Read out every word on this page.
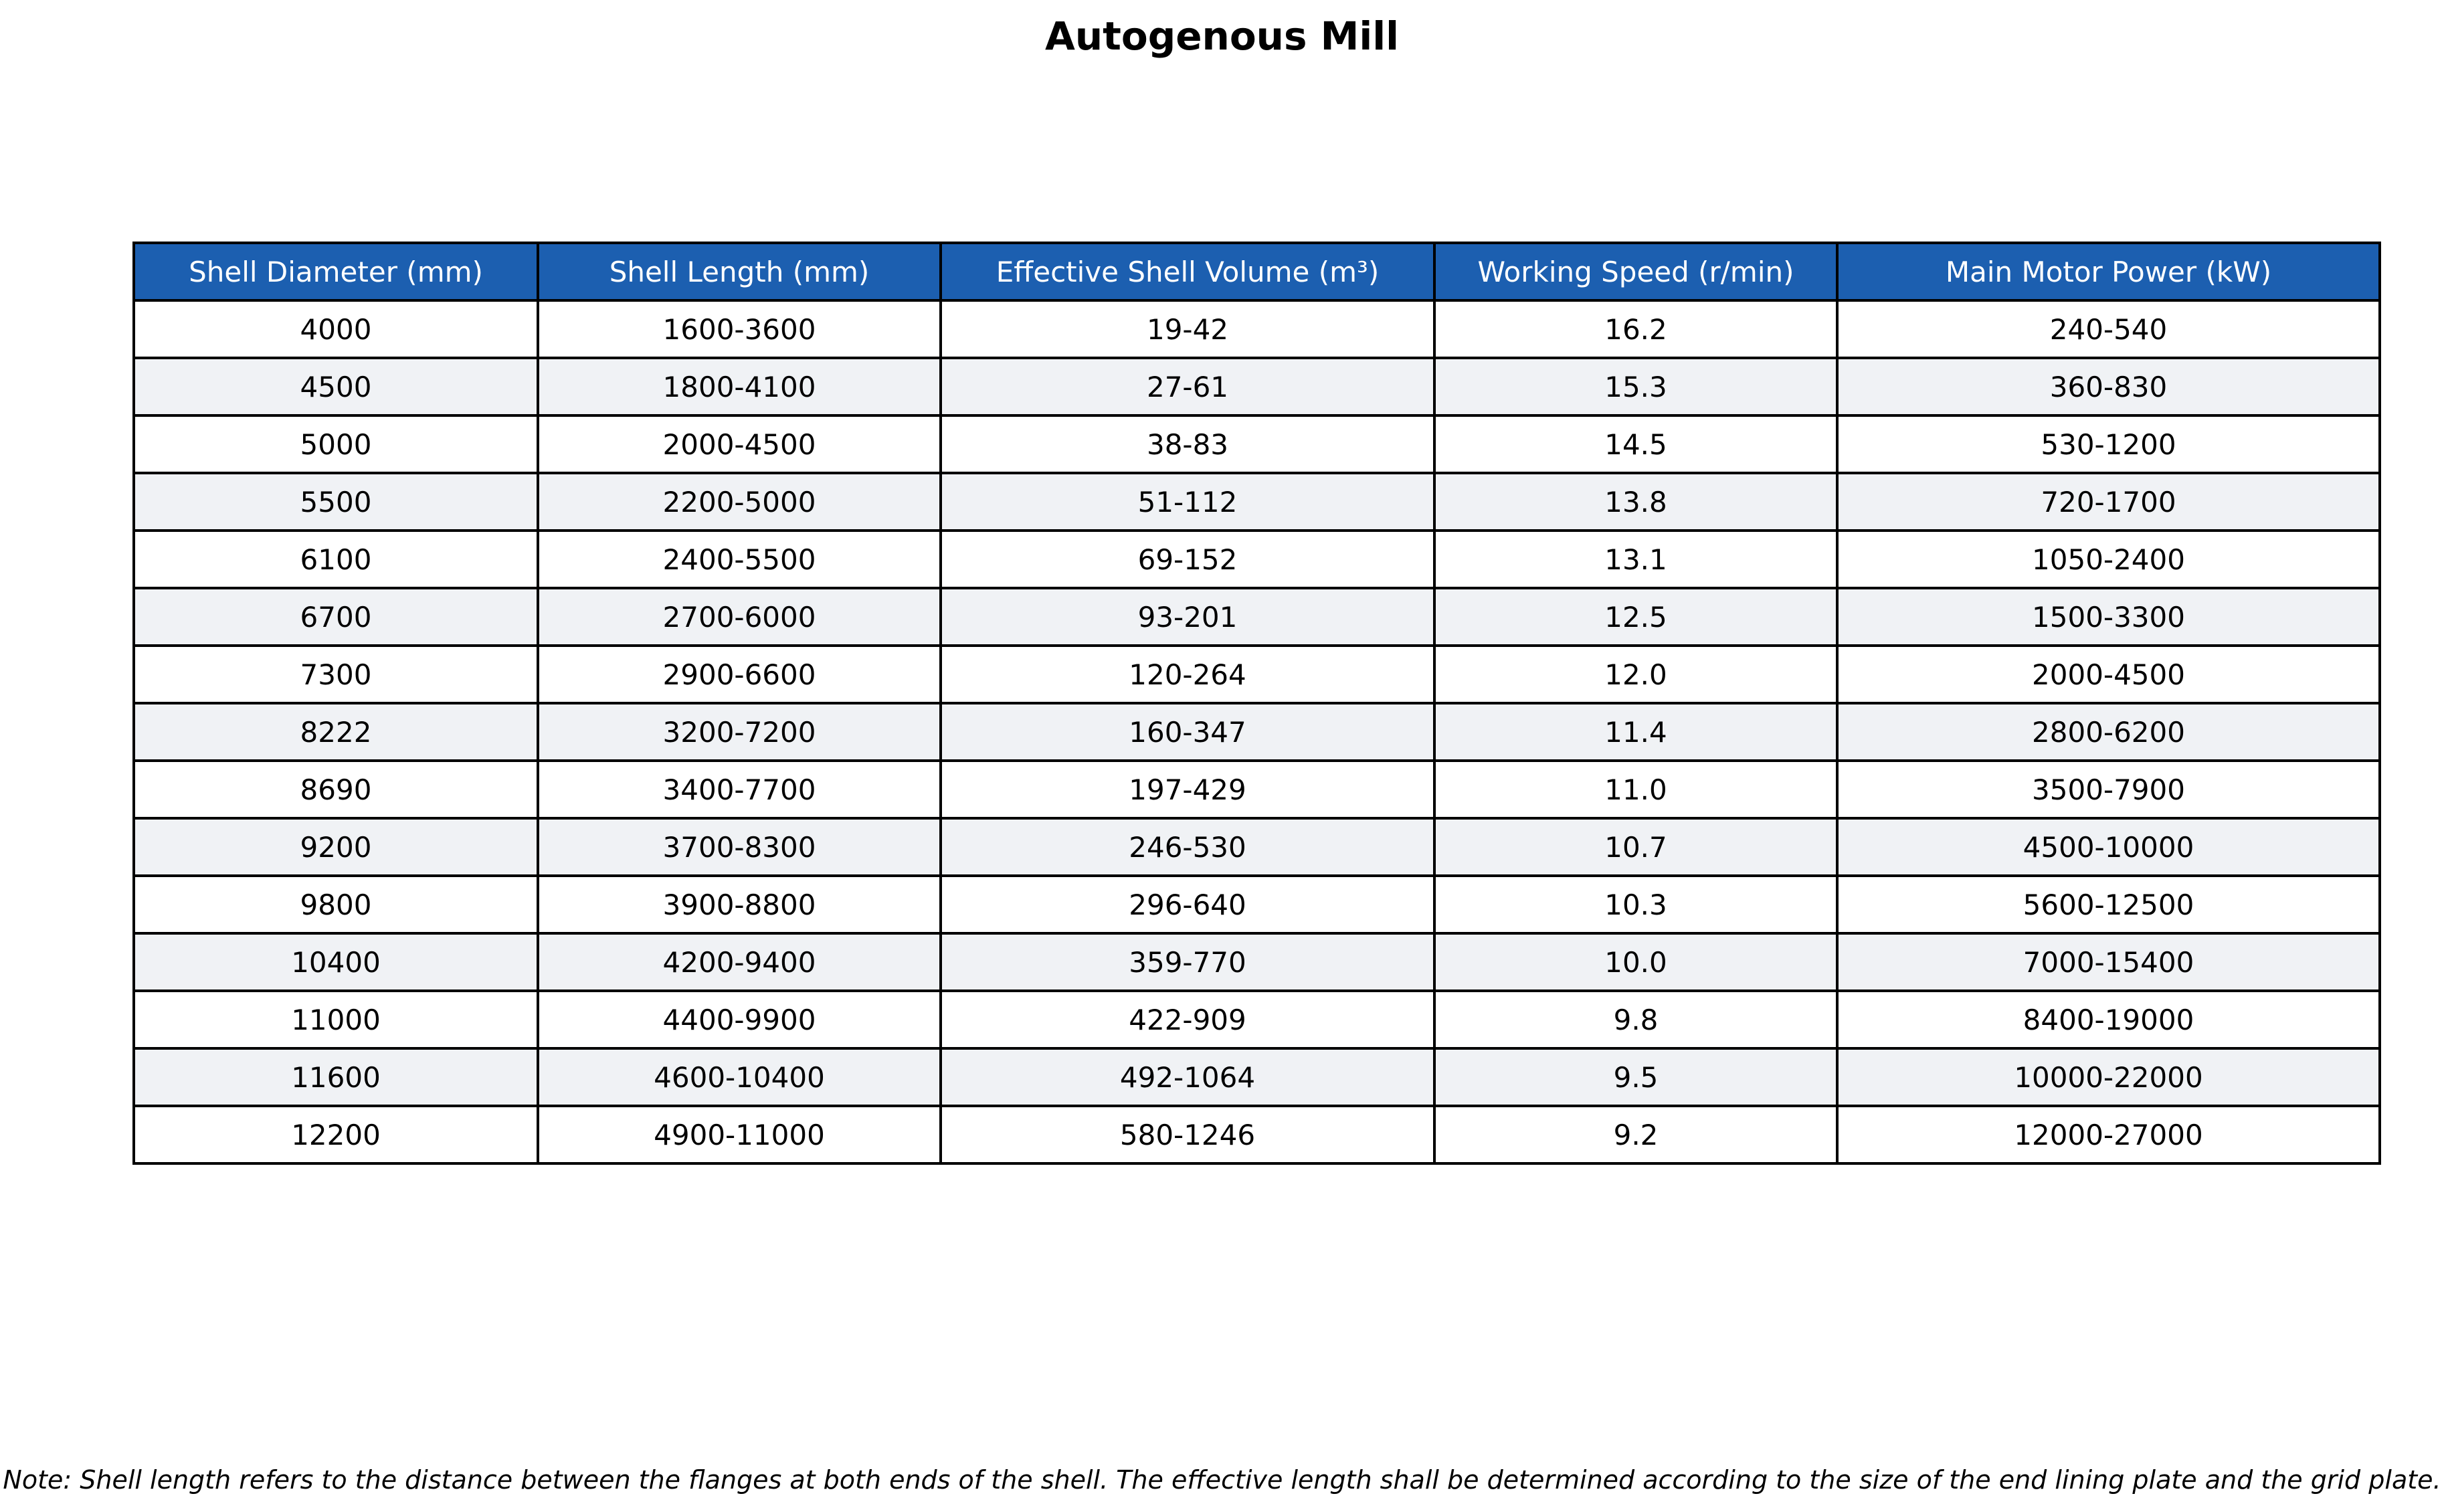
Autogenous Mill
Shell Diameter (mm)	Shell Length (mm)	Effective Shell Volume (m³)	Working Speed (r/min)	Main Motor Power (kW)
4000	1600-3600	19-42	16.2	240-540
4500	1800-4100	27-61	15.3	360-830
5000	2000-4500	38-83	14.5	530-1200
5500	2200-5000	51-112	13.8	720-1700
6100	2400-5500	69-152	13.1	1050-2400
6700	2700-6000	93-201	12.5	1500-3300
7300	2900-6600	120-264	12.0	2000-4500
8222	3200-7200	160-347	11.4	2800-6200
8690	3400-7700	197-429	11.0	3500-7900
9200	3700-8300	246-530	10.7	4500-10000
9800	3900-8800	296-640	10.3	5600-12500
10400	4200-9400	359-770	10.0	7000-15400
11000	4400-9900	422-909	9.8	8400-19000
11600	4600-10400	492-1064	9.5	10000-22000
12200	4900-11000	580-1246	9.2	12000-27000
Note: Shell length refers to the distance between the flanges at both ends of the shell. The effective length shall be determined according to the size of the end lining plate and the grid plate.
